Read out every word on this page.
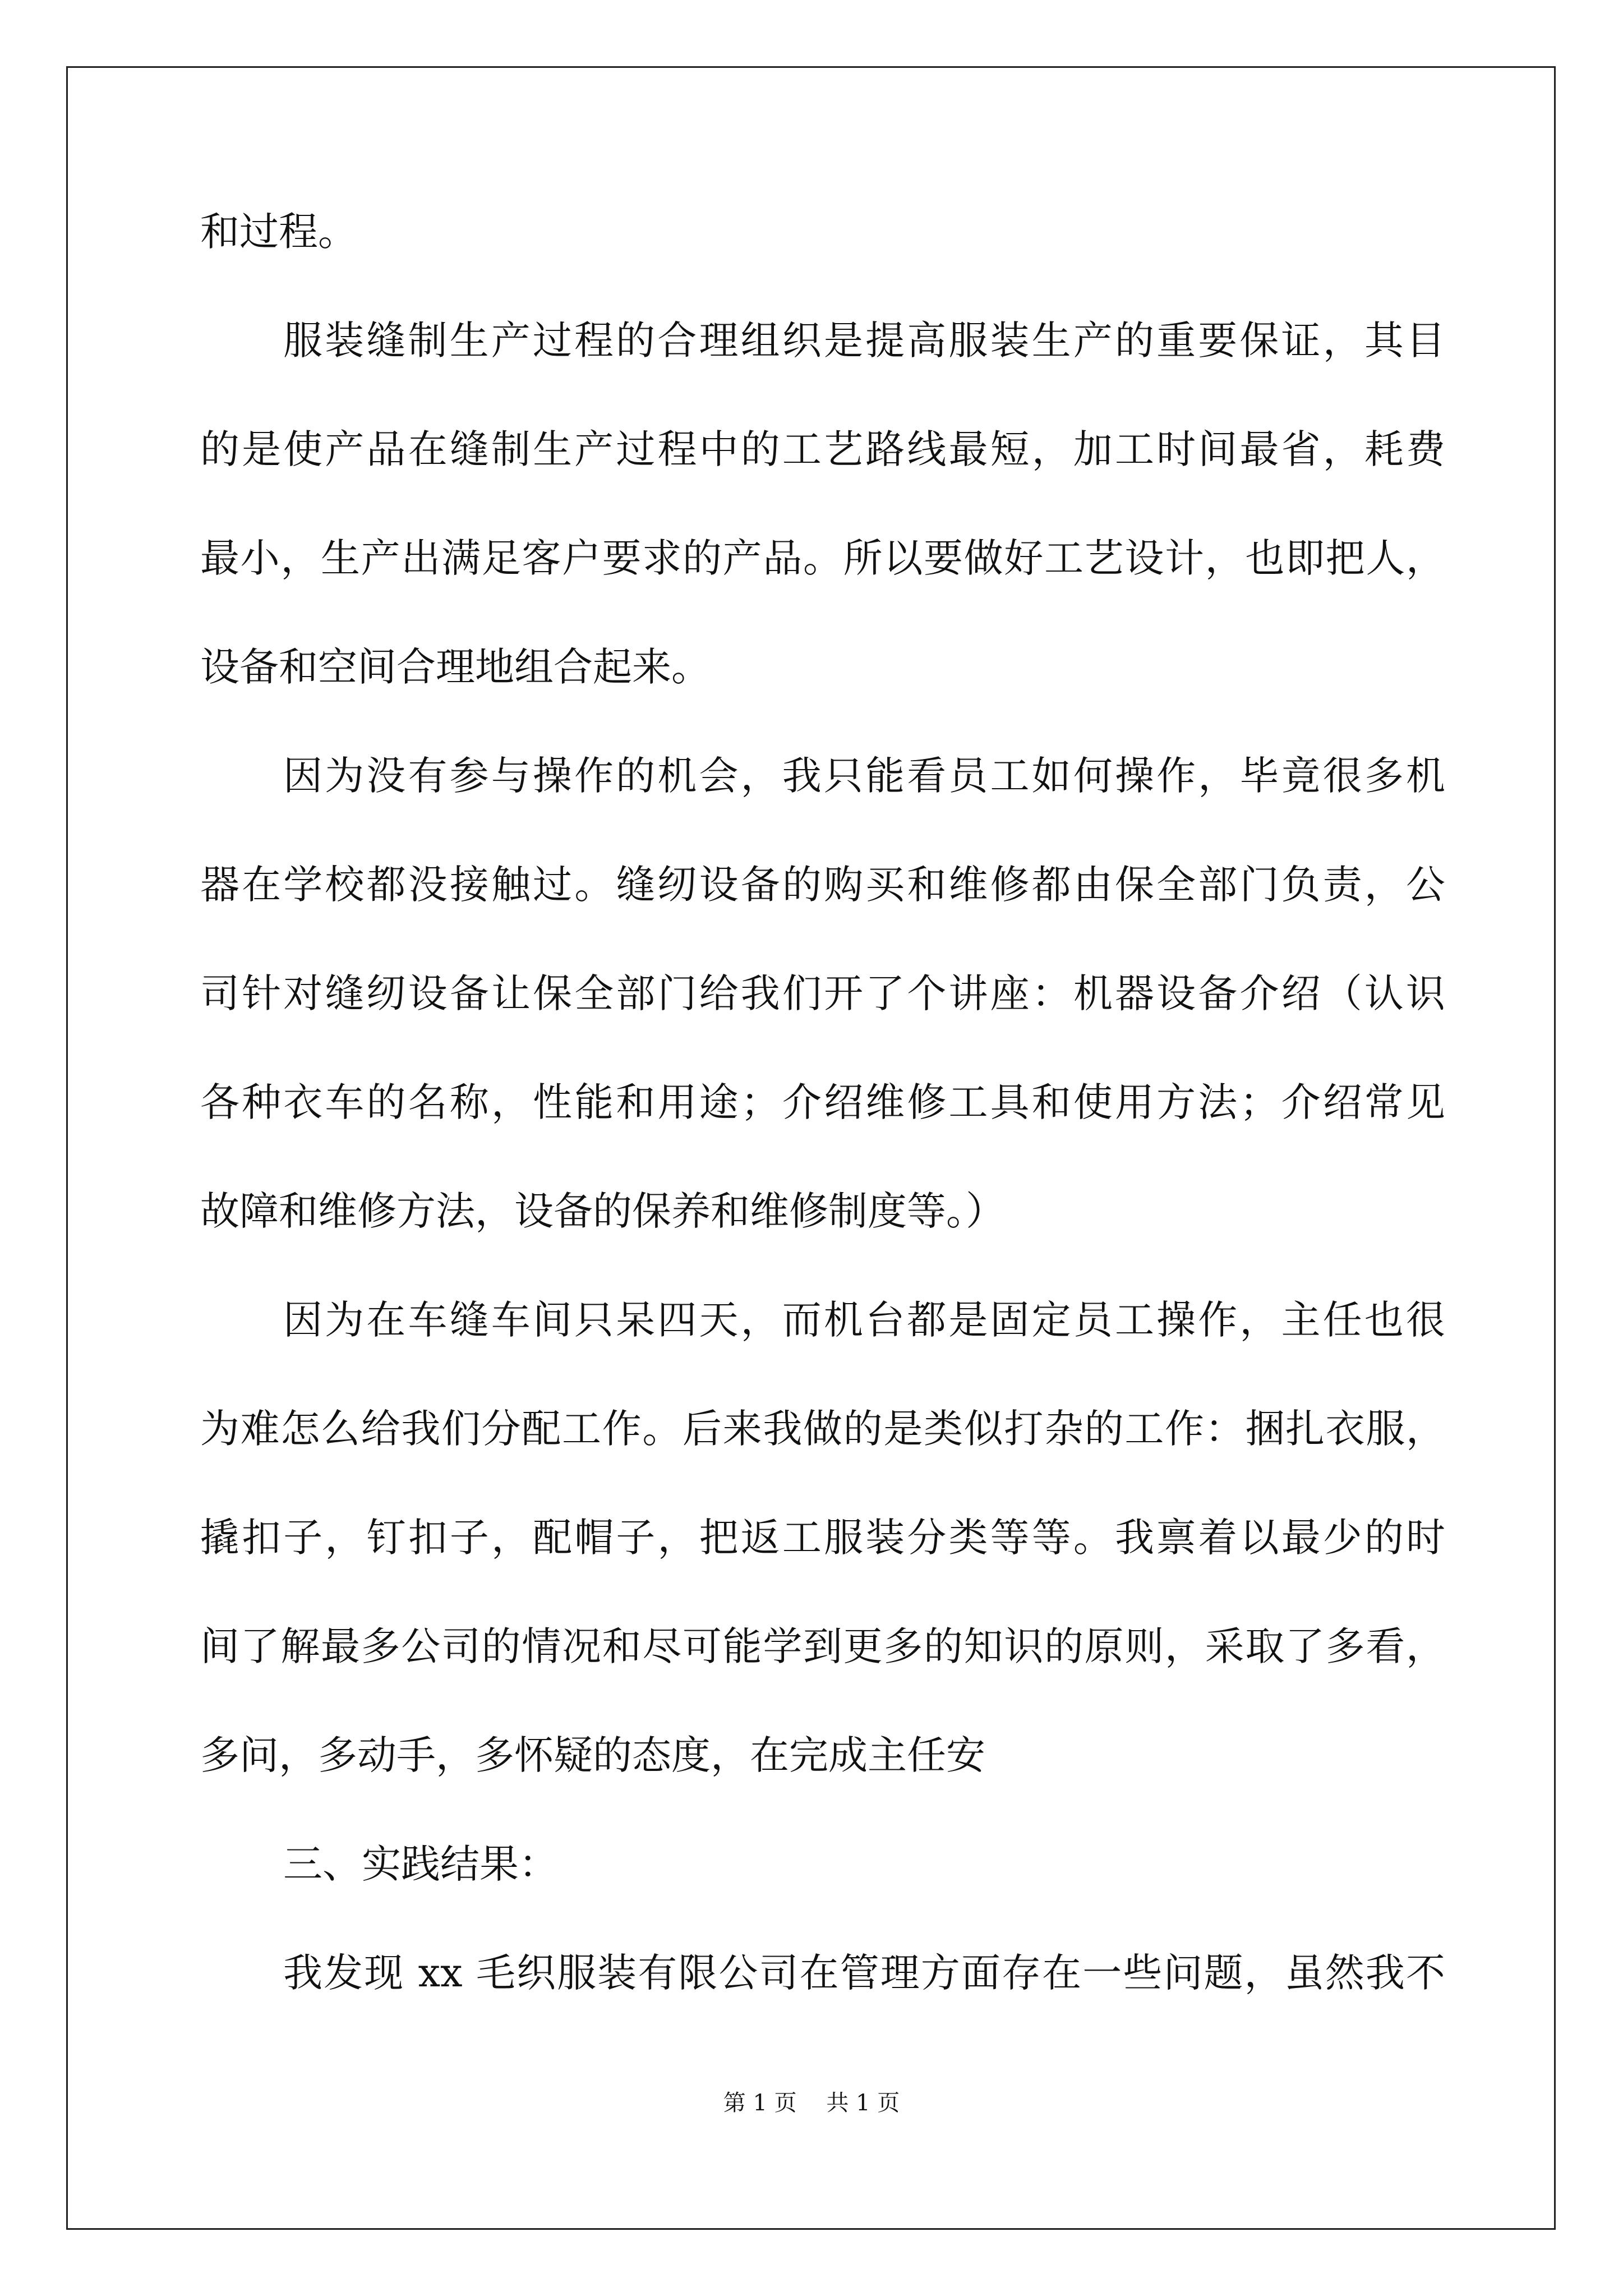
和过程。
服装缝制生产过程的合理组织是提高服装生产的重要保证，其目
的是使产品在缝制生产过程中的工艺路线最短，加工时间最省，耗费
最小，生产出满足客户要求的产品。所以要做好工艺设计，也即把人，
设备和空间合理地组合起来。
因为没有参与操作的机会，我只能看员工如何操作，毕竟很多机
器在学校都没接触过。缝纫设备的购买和维修都由保全部门负责，公
司针对缝纫设备让保全部门给我们开了个讲座：机器设备介绍（认识
各种衣车的名称，性能和用途；介绍维修工具和使用方法；介绍常见
故障和维修方法，设备的保养和维修制度等。）
因为在车缝车间只呆四天，而机台都是固定员工操作，主任也很
为难怎么给我们分配工作。后来我做的是类似打杂的工作：捆扎衣服，
撬扣子，钉扣子，配帽子，把返工服装分类等等。我禀着以最少的时
间了解最多公司的情况和尽可能学到更多的知识的原则，采取了多看，
多问，多动手，多怀疑的态度，在完成主任安
三、实践结果：
我发现 xx 毛织服装有限公司在管理方面存在一些问题，虽然我不
第 1 页 共 1 页
